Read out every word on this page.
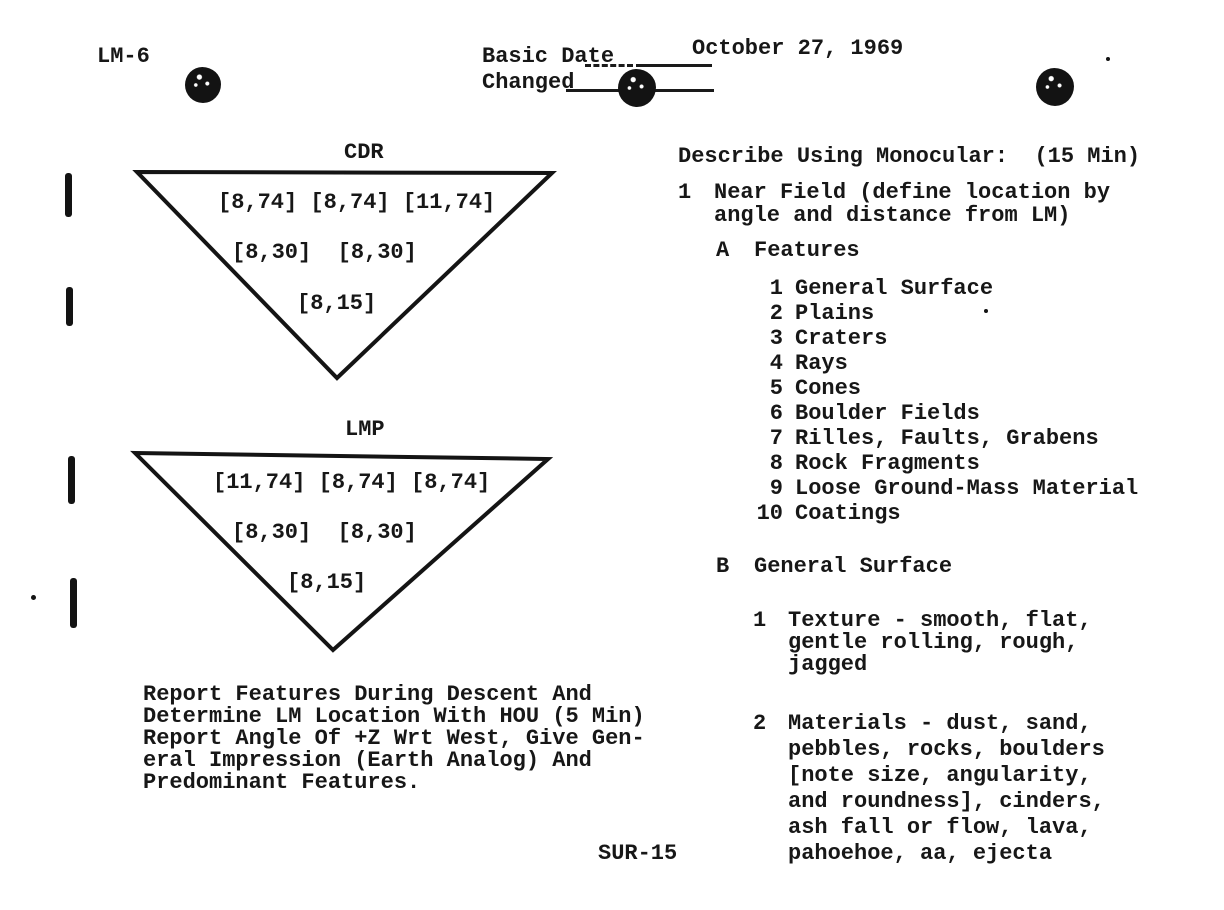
LM-6	Basic Date	October 27, 1969
Changed
CDR
[8,74] [8,74] [11,74]
[8,30]  [8,30]
[8,15]
LMP
[11,74] [8,74] [8,74]
[8,30]  [8,30]
[8,15]
Report Features During Descent And
Determine LM Location With HOU (5 Min)
Report Angle Of +Z Wrt West, Give Gen-
eral Impression (Earth Analog) And
Predominant Features.
SUR-15
Describe Using Monocular:  (15 Min)
1 Near Field (define location by
angle and distance from LM)
A Features
1 General Surface
2 Plains
3 Craters
4 Rays
5 Cones
6 Boulder Fields
7 Rilles, Faults, Grabens
8 Rock Fragments
9 Loose Ground-Mass Material
10 Coatings
B General Surface
1 Texture - smooth, flat,
gentle rolling, rough,
jagged
2 Materials - dust, sand,
pebbles, rocks, boulders
[note size, angularity,
and roundness], cinders,
ash fall or flow, lava,
pahoehoe, aa, ejecta
